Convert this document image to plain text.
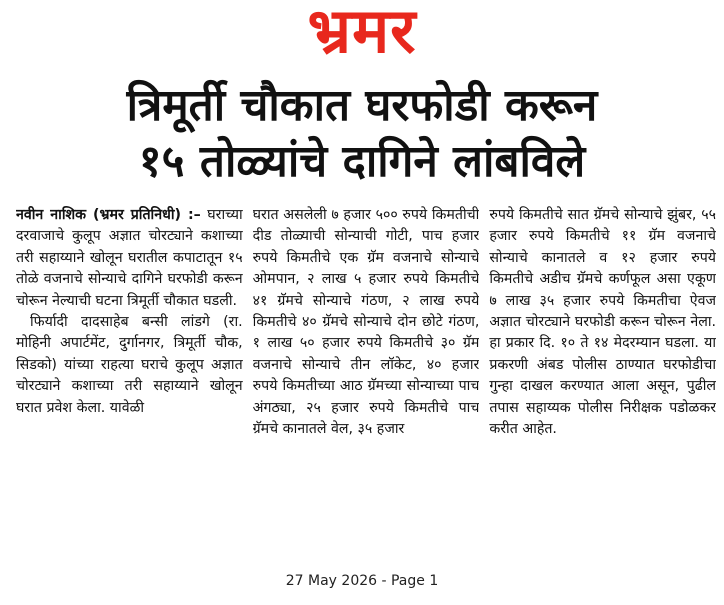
भ्रमर
त्रिमूर्ती चौकात घरफोडी करून
१५ तोळ्यांचे दागिने लांबविले

नवीन नाशिक (भ्रमर प्रतिनिधी) :– घराच्या दरवाजाचे कुलूप अज्ञात चोरट्याने कशाच्या तरी सहाय्याने खोलून घरातील कपाटातून १५ तोळे वजनाचे सोन्याचे दागिने घरफोडी करून चोरून नेल्याची घटना त्रिमूर्ती चौकात घडली.

फिर्यादी दादसाहेब बन्सी लांडगे (रा. मोहिनी अपार्टमेंट, दुर्गानगर, त्रिमूर्ती चौक, सिडको) यांच्या राहत्या घराचे कुलूप अज्ञात चोरट्याने कशाच्या तरी सहाय्याने खोलून घरात प्रवेश केला. यावेळी

घरात असलेली ७ हजार ५०० रुपये किमतीची दीड तोळ्याची सोन्याची गोटी, पाच हजार रुपये किमतीचे एक ग्रॅम वजनाचे सोन्याचे ओमपान, २ लाख ५ हजार रुपये किमतीचे ४१ ग्रॅमचे सोन्याचे गंठण, २ लाख रुपये किमतीचे ४० ग्रॅमचे सोन्याचे दोन छोटे गंठण, १ लाख ५० हजार रुपये किमतीचे ३० ग्रॅम वजनाचे सोन्याचे तीन लॉकेट, ४० हजार रुपये किमतीच्या आठ ग्रॅमच्या सोन्याच्या पाच अंगठ्या, २५ हजार रुपये किमतीचे पाच ग्रॅमचे कानातले वेल, ३५ हजार

रुपये किमतीचे सात ग्रॅमचे सोन्याचे झुंबर, ५५ हजार रुपये किमतीचे ११ ग्रॅम वजनाचे सोन्याचे कानातले व १२ हजार रुपये किमतीचे अडीच ग्रॅमचे कर्णफूल असा एकूण ७ लाख ३५ हजार रुपये किमतीचा ऐवज अज्ञात चोरट्याने घरफोडी करून चोरून नेला. हा प्रकार दि. १० ते १४ मेदरम्यान घडला. या प्रकरणी अंबड पोलीस ठाण्यात घरफोडीचा गुन्हा दाखल करण्यात आला असून, पुढील तपास सहाय्यक पोलीस निरीक्षक पडोळकर करीत आहेत.

27 May 2026 - Page 1
